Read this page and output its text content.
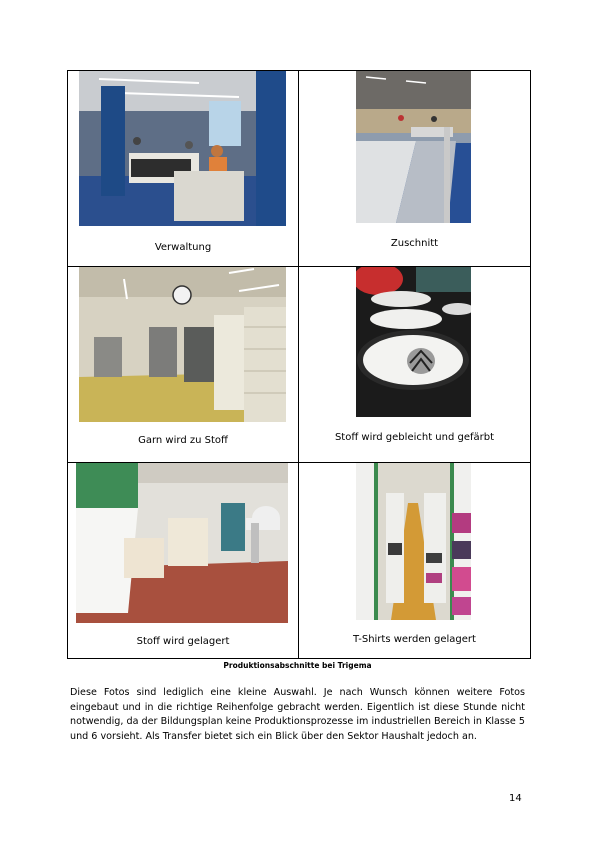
Verwaltung	Zuschnitt

Garn wird zu Stoff	Stoff wird gebleicht und gefärbt

Stoff wird gelagert	T-Shirts werden gelagert
Produktionsabschnitte bei Trigema
Diese Fotos sind lediglich eine kleine Auswahl. Je nach Wunsch können weitere Fotos eingebaut und in die richtige Reihenfolge gebracht werden. Eigentlich ist diese Stunde nicht notwendig, da der Bildungsplan keine Produktionsprozesse im industriellen Bereich in Klasse 5 und 6 vorsieht. Als Transfer bietet sich ein Blick über den Sektor Haushalt jedoch an.
14
